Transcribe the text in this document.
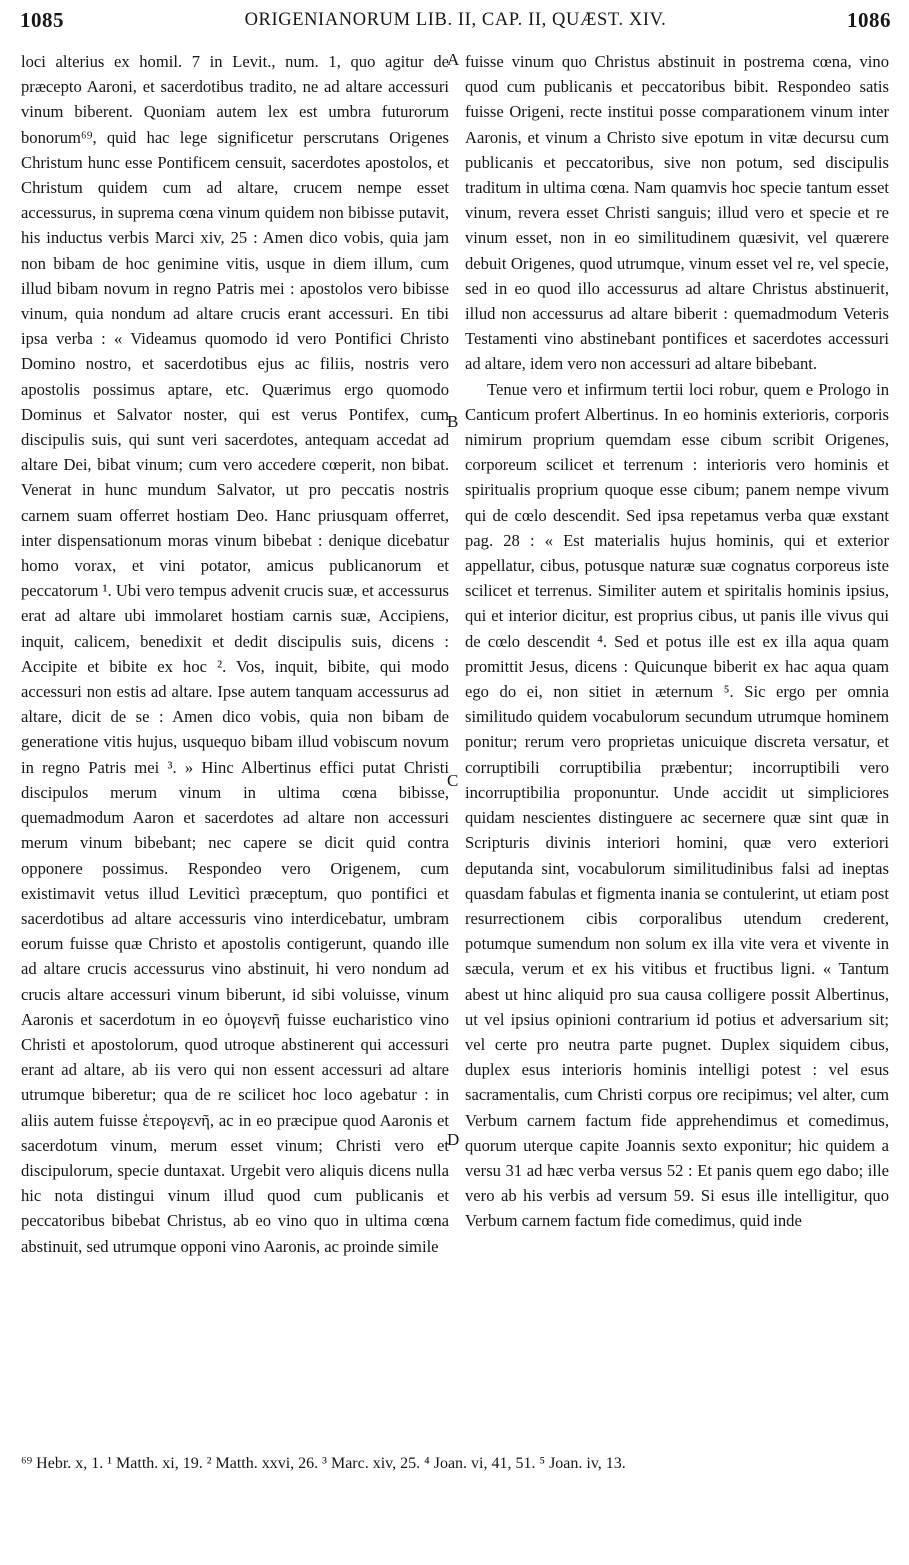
1085	ORIGENIANORUM LIB. II, CAP. II, QUÆST. XIV.	1086
A
B
C
D

loci alterius ex homil. 7 in Levit., num. 1, quo agitur de præcepto Aaroni, et sacerdotibus tradito, ne ad altare accessuri vinum biberent. Quoniam autem lex est umbra futurorum bonorum⁶⁹, quid hac lege significetur perscrutans Origenes Christum hunc esse Pontificem censuit, sacerdotes apostolos, et Christum quidem cum ad altare, crucem nempe esset accessurus, in suprema cœna vinum quidem non bibisse putavit, his inductus verbis Marci xiv, 25 : Amen dico vobis, quia jam non bibam de hoc genimine vitis, usque in diem illum, cum illud bibam novum in regno Patris mei : apostolos vero bibisse vinum, quia nondum ad altare crucis erant accessuri. En tibi ipsa verba : « Videamus quomodo id vero Pontifici Christo Domino nostro, et sacerdotibus ejus ac filiis, nostris vero apostolis possimus aptare, etc. Quærimus ergo quomodo Dominus et Salvator noster, qui est verus Pontifex, cum discipulis suis, qui sunt veri sacerdotes, antequam accedat ad altare Dei, bibat vinum; cum vero accedere cœperit, non bibat. Venerat in hunc mundum Salvator, ut pro peccatis nostris carnem suam offerret hostiam Deo. Hanc priusquam offerret, inter dispensationum moras vinum bibebat : denique dicebatur homo vorax, et vini potator, amicus publicanorum et peccatorum ¹. Ubi vero tempus advenit crucis suæ, et accessurus erat ad altare ubi immolaret hostiam carnis suæ, Accipiens, inquit, calicem, benedixit et dedit discipulis suis, dicens : Accipite et bibite ex hoc ². Vos, inquit, bibite, qui modo accessuri non estis ad altare. Ipse autem tanquam accessurus ad altare, dicit de se : Amen dico vobis, quia non bibam de generatione vitis hujus, usquequo bibam illud vobiscum novum in regno Patris mei ³. » Hinc Albertinus effici putat Christi discipulos merum vinum in ultima cœna bibisse, quemadmodum Aaron et sacerdotes ad altare non accessuri merum vinum bibebant; nec capere se dicit quid contra opponere possimus. Respondeo vero Origenem, cum existimavit vetus illud Leviticì præceptum, quo pontifici et sacerdotibus ad altare accessuris vino interdicebatur, umbram eorum fuisse quæ Christo et apostolis contigerunt, quando ille ad altare crucis accessurus vino abstinuit, hi vero nondum ad crucis altare accessuri vinum biberunt, id sibi voluisse, vinum Aaronis et sacerdotum in eo ὁμογενῆ fuisse eucharistico vino Christi et apostolorum, quod utroque abstinerent qui accessuri erant ad altare, ab iis vero qui non essent accessuri ad altare utrumque biberetur; qua de re scilicet hoc loco agebatur : in aliis autem fuisse ἑτερογενῆ, ac in eo præcipue quod Aaronis et sacerdotum vinum, merum esset vinum; Christi vero et discipulorum, specie duntaxat. Urgebit vero aliquis dicens nulla hic nota distingui vinum illud quod cum publicanis et peccatoribus bibebat Christus, ab eo vino quo in ultima cœna abstinuit, sed utrumque opponi vino Aaronis, ac proinde simile

fuisse vinum quo Christus abstinuit in postrema cœna, vino quod cum publicanis et peccatoribus bibit. Respondeo satis fuisse Origeni, recte institui posse comparationem vinum inter Aaronis, et vinum a Christo sive epotum in vitæ decursu cum publicanis et peccatoribus, sive non potum, sed discipulis traditum in ultima cœna. Nam quamvis hoc specie tantum esset vinum, revera esset Christi sanguis; illud vero et specie et re vinum esset, non in eo similitudinem quæsivit, vel quærere debuit Origenes, quod utrumque, vinum esset vel re, vel specie, sed in eo quod illo accessurus ad altare Christus abstinuerit, illud non accessurus ad altare biberit : quemadmodum Veteris Testamenti vino abstinebant pontifices et sacerdotes accessuri ad altare, idem vero non accessuri ad altare bibebant.

Tenue vero et infirmum tertii loci robur, quem e Prologo in Canticum profert Albertinus. In eo hominis exterioris, corporis nimirum proprium quemdam esse cibum scribit Origenes, corporeum scilicet et terrenum : interioris vero hominis et spiritualis proprium quoque esse cibum; panem nempe vivum qui de cœlo descendit. Sed ipsa repetamus verba quæ exstant pag. 28 : « Est materialis hujus hominis, qui et exterior appellatur, cibus, potusque naturæ suæ cognatus corporeus iste scilicet et terrenus. Similiter autem et spiritalis hominis ipsius, qui et interior dicitur, est proprius cibus, ut panis ille vivus qui de cœlo descendit ⁴. Sed et potus ille est ex illa aqua quam promittit Jesus, dicens : Quicunque biberit ex hac aqua quam ego do ei, non sitiet in æternum ⁵. Sic ergo per omnia similitudo quidem vocabulorum secundum utrumque hominem ponitur; rerum vero proprietas unicuique discreta versatur, et corruptibili corruptibilia præbentur; incorruptibili vero incorruptibilia proponuntur. Unde accidit ut simpliciores quidam nescientes distinguere ac secernere quæ sint quæ in Scripturis divinis interiori homini, quæ vero exteriori deputanda sint, vocabulorum similitudinibus falsi ad ineptas quasdam fabulas et figmenta inania se contulerint, ut etiam post resurrectionem cibis corporalibus utendum crederent, potumque sumendum non solum ex illa vite vera et vivente in sæcula, verum et ex his vitibus et fructibus ligni. « Tantum abest ut hinc aliquid pro sua causa colligere possit Albertinus, ut vel ipsius opinioni contrarium id potius et adversarium sit; vel certe pro neutra parte pugnet. Duplex siquidem cibus, duplex esus interioris hominis intelligi potest : vel esus sacramentalis, cum Christi corpus ore recipimus; vel alter, cum Verbum carnem factum fide apprehendimus et comedimus, quorum uterque capite Joannis sexto exponitur; hic quidem a versu 31 ad hæc verba versus 52 : Et panis quem ego dabo; ille vero ab his verbis ad versum 59. Si esus ille intelligitur, quo Verbum carnem factum fide comedimus, quid inde

⁶⁹ Hebr. x, 1. ¹ Matth. xi, 19. ² Matth. xxvi, 26. ³ Marc. xiv, 25. ⁴ Joan. vi, 41, 51. ⁵ Joan. iv, 13.
